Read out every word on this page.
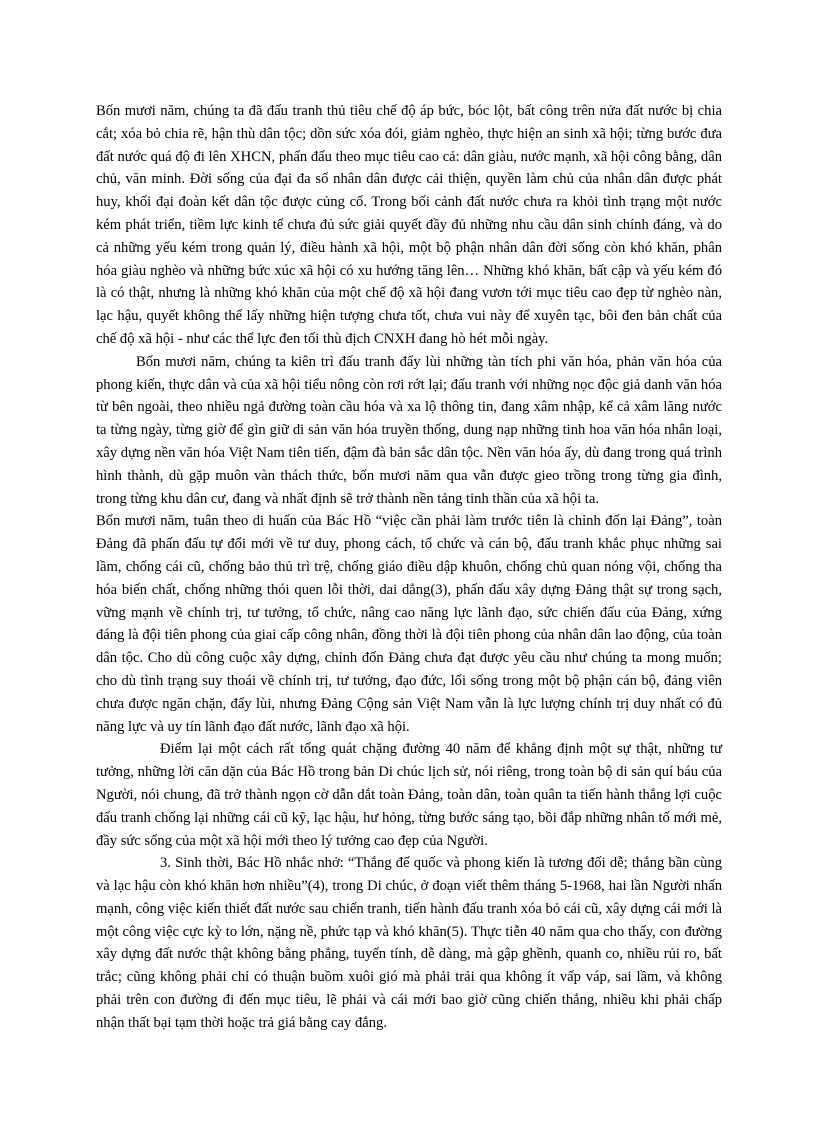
Bốn mươi năm, chúng ta đã đấu tranh thủ tiêu chế độ áp bức, bóc lột, bất công trên nửa đất nước bị chia cắt; xóa bỏ chia rẽ, hận thù dân tộc; dồn sức xóa đói, giảm nghèo, thực hiện an sinh xã hội; từng bước đưa đất nước quá độ đi lên XHCN, phấn đấu theo mục tiêu cao cả: dân giàu, nước mạnh, xã hội công bằng, dân chủ, văn minh. Đời sống của đại đa số nhân dân được cải thiện, quyền làm chủ của nhân dân được phát huy, khối đại đoàn kết dân tộc được củng cố. Trong bối cảnh đất nước chưa ra khỏi tình trạng một nước kém phát triển, tiềm lực kinh tế chưa đủ sức giải quyết đầy đủ những nhu cầu dân sinh chính đáng, và do cả những yếu kém trong quản lý, điều hành xã hội, một bộ phận nhân dân đời sống còn khó khăn, phân hóa giàu nghèo và những bức xúc xã hội có xu hướng tăng lên… Những khó khăn, bất cập và yếu kém đó là có thật, nhưng là những khó khăn của một chế độ xã hội đang vươn tới mục tiêu cao đẹp từ nghèo nàn, lạc hậu, quyết không thể lấy những hiện tượng chưa tốt, chưa vui này để xuyên tạc, bôi đen bản chất của chế độ xã hội - như các thế lực đen tối thù địch CNXH đang hò hét mỗi ngày.

Bốn mươi năm, chúng ta kiên trì đấu tranh đẩy lùi những tàn tích phi văn hóa, phản văn hóa của phong kiến, thực dân và của xã hội tiểu nông còn rơi rớt lại; đấu tranh với những nọc độc giả danh văn hóa từ bên ngoài, theo nhiều ngả đường toàn cầu hóa và xa lộ thông tin, đang xâm nhập, kể cả xâm lăng nước ta từng ngày, từng giờ để gìn giữ di sản văn hóa truyền thống, dung nạp những tinh hoa văn hóa nhân loại, xây dựng nền văn hóa Việt Nam tiên tiến, đậm đà bản sắc dân tộc. Nền văn hóa ấy, dù đang trong quá trình hình thành, dù gặp muôn vàn thách thức, bốn mươi năm qua vẫn được gieo trồng trong từng gia đình, trong từng khu dân cư, đang và nhất định sẽ trở thành nền tảng tinh thần của xã hội ta.

Bốn mươi năm, tuân theo di huấn của Bác Hồ “việc cần phải làm trước tiên là chỉnh đốn lại Đảng”, toàn Đảng đã phấn đấu tự đổi mới về tư duy, phong cách, tổ chức và cán bộ, đấu tranh khắc phục những sai lầm, chống cái cũ, chống bảo thủ trì trệ, chống giáo điều dập khuôn, chống chủ quan nóng vội, chống tha hóa biến chất, chống những thói quen lỗi thời, dai dẳng(3), phấn đấu xây dựng Đảng thật sự trong sạch, vững mạnh về chính trị, tư tưởng, tổ chức, nâng cao năng lực lãnh đạo, sức chiến đấu của Đảng, xứng đáng là đội tiên phong của giai cấp công nhân, đồng thời là đội tiên phong của nhân dân lao động, của toàn dân tộc. Cho dù công cuộc xây dựng, chỉnh đốn Đảng chưa đạt được yêu cầu như chúng ta mong muốn; cho dù tình trạng suy thoái về chính trị, tư tưởng, đạo đức, lối sống trong một bộ phận cán bộ, đảng viên chưa được ngăn chặn, đẩy lùi, nhưng Đảng Cộng sản Việt Nam vẫn là lực lượng chính trị duy nhất có đủ năng lực và uy tín lãnh đạo đất nước, lãnh đạo xã hội.

Điểm lại một cách rất tổng quát chặng đường 40 năm để khẳng định một sự thật, những tư tưởng, những lời căn dặn của Bác Hồ trong bản Di chúc lịch sử, nói riêng, trong toàn bộ di sản quí báu của Người, nói chung, đã trở thành ngọn cờ dẫn dắt toàn Đảng, toàn dân, toàn quân ta tiến hành thắng lợi cuộc đấu tranh chống lại những cái cũ kỹ, lạc hậu, hư hỏng, từng bước sáng tạo, bồi đắp những nhân tố mới mẻ, đầy sức sống của một xã hội mới theo lý tưởng cao đẹp của Người.

3. Sinh thời, Bác Hồ nhắc nhở: “Thắng đế quốc và phong kiến là tương đối dễ; thắng bần cùng và lạc hậu còn khó khăn hơn nhiều”(4), trong Di chúc, ở đoạn viết thêm tháng 5-1968, hai lần Người nhấn mạnh, công việc kiến thiết đất nước sau chiến tranh, tiến hành đấu tranh xóa bỏ cái cũ, xây dựng cái mới là một công việc cực kỳ to lớn, nặng nề, phức tạp và khó khăn(5). Thực tiễn 40 năm qua cho thấy, con đường xây dựng đất nước thật không bằng phẳng, tuyến tính, dễ dàng, mà gập ghềnh, quanh co, nhiều rủi ro, bất trắc; cũng không phải chỉ có thuận buồm xuôi gió mà phải trải qua không ít vấp váp, sai lầm, và không phải trên con đường đi đến mục tiêu, lẽ phải và cái mới bao giờ cũng chiến thắng, nhiều khi phải chấp nhận thất bại tạm thời hoặc trả giá bằng cay đắng.
